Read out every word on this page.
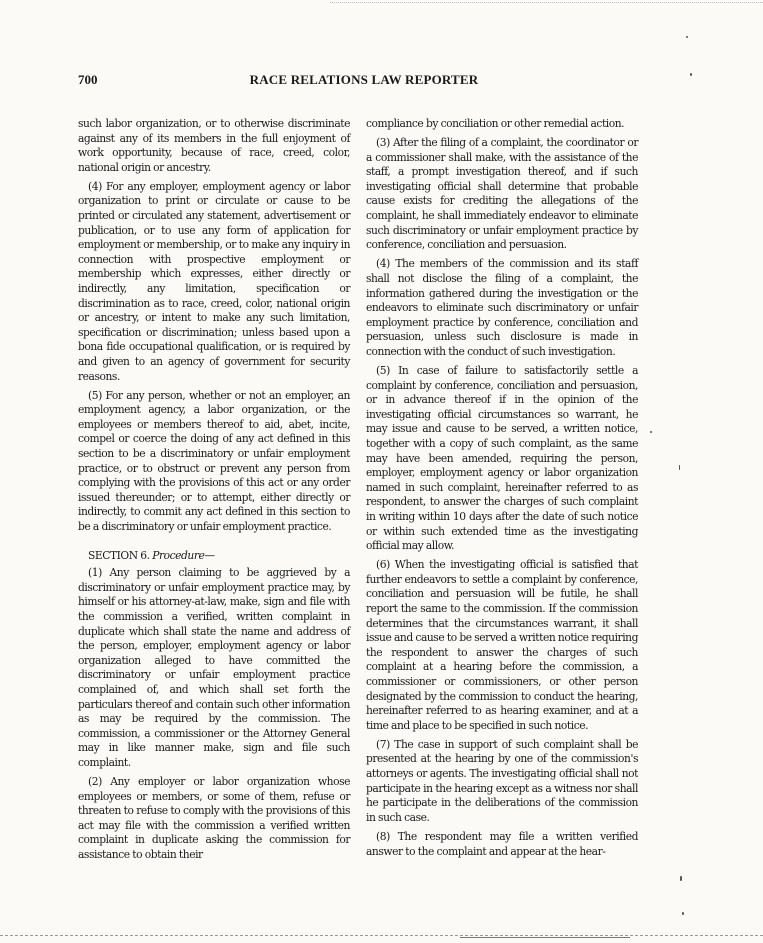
700	RACE RELATIONS LAW REPORTER

such labor organization, or to otherwise discriminate against any of its members in the full enjoyment of work opportunity, because of race, creed, color, national origin or ancestry.

(4) For any employer, employment agency or labor organization to print or circulate or cause to be printed or circulated any statement, advertisement or publication, or to use any form of application for employment or membership, or to make any inquiry in connection with prospective employment or membership which expresses, either directly or indirectly, any limitation, specification or discrimination as to race, creed, color, national origin or ancestry, or intent to make any such limitation, specification or discrimination; unless based upon a bona fide occupational qualification, or is required by and given to an agency of government for security reasons.

(5) For any person, whether or not an employer, an employment agency, a labor organization, or the employees or members thereof to aid, abet, incite, compel or coerce the doing of any act defined in this section to be a discriminatory or unfair employment practice, or to obstruct or prevent any person from complying with the provisions of this act or any order issued thereunder; or to attempt, either directly or indirectly, to commit any act defined in this section to be a discriminatory or unfair employment practice.

SECTION 6. Procedure—

(1) Any person claiming to be aggrieved by a discriminatory or unfair employment practice may, by himself or his attorney-at-law, make, sign and file with the commission a verified, written complaint in duplicate which shall state the name and address of the person, employer, employment agency or labor organization alleged to have committed the discriminatory or unfair employment practice complained of, and which shall set forth the particulars thereof and contain such other information as may be required by the commission. The commission, a commissioner or the Attorney General may in like manner make, sign and file such complaint.

(2) Any employer or labor organization whose employees or members, or some of them, refuse or threaten to refuse to comply with the provisions of this act may file with the commission a verified written complaint in duplicate asking the commission for assistance to obtain their

compliance by conciliation or other remedial action.

(3) After the filing of a complaint, the coordinator or a commissioner shall make, with the assistance of the staff, a prompt investigation thereof, and if such investigating official shall determine that probable cause exists for crediting the allegations of the complaint, he shall immediately endeavor to eliminate such discriminatory or unfair employment practice by conference, conciliation and persuasion.

(4) The members of the commission and its staff shall not disclose the filing of a complaint, the information gathered during the investigation or the endeavors to eliminate such discriminatory or unfair employment practice by conference, conciliation and persuasion, unless such disclosure is made in connection with the conduct of such investigation.

(5) In case of failure to satisfactorily settle a complaint by conference, conciliation and persuasion, or in advance thereof if in the opinion of the investigating official circumstances so warrant, he may issue and cause to be served, a written notice, together with a copy of such complaint, as the same may have been amended, requiring the person, employer, employment agency or labor organization named in such complaint, hereinafter referred to as respondent, to answer the charges of such complaint in writing within 10 days after the date of such notice or within such extended time as the investigating official may allow.

(6) When the investigating official is satisfied that further endeavors to settle a complaint by conference, conciliation and persuasion will be futile, he shall report the same to the commission. If the commission determines that the circumstances warrant, it shall issue and cause to be served a written notice requiring the respondent to answer the charges of such complaint at a hearing before the commission, a commissioner or commissioners, or other person designated by the commission to conduct the hearing, hereinafter referred to as hearing examiner, and at a time and place to be specified in such notice.

(7) The case in support of such complaint shall be presented at the hearing by one of the commission's attorneys or agents. The investigating official shall not participate in the hearing except as a witness nor shall he participate in the deliberations of the commission in such case.

(8) The respondent may file a written verified answer to the complaint and appear at the hear-
